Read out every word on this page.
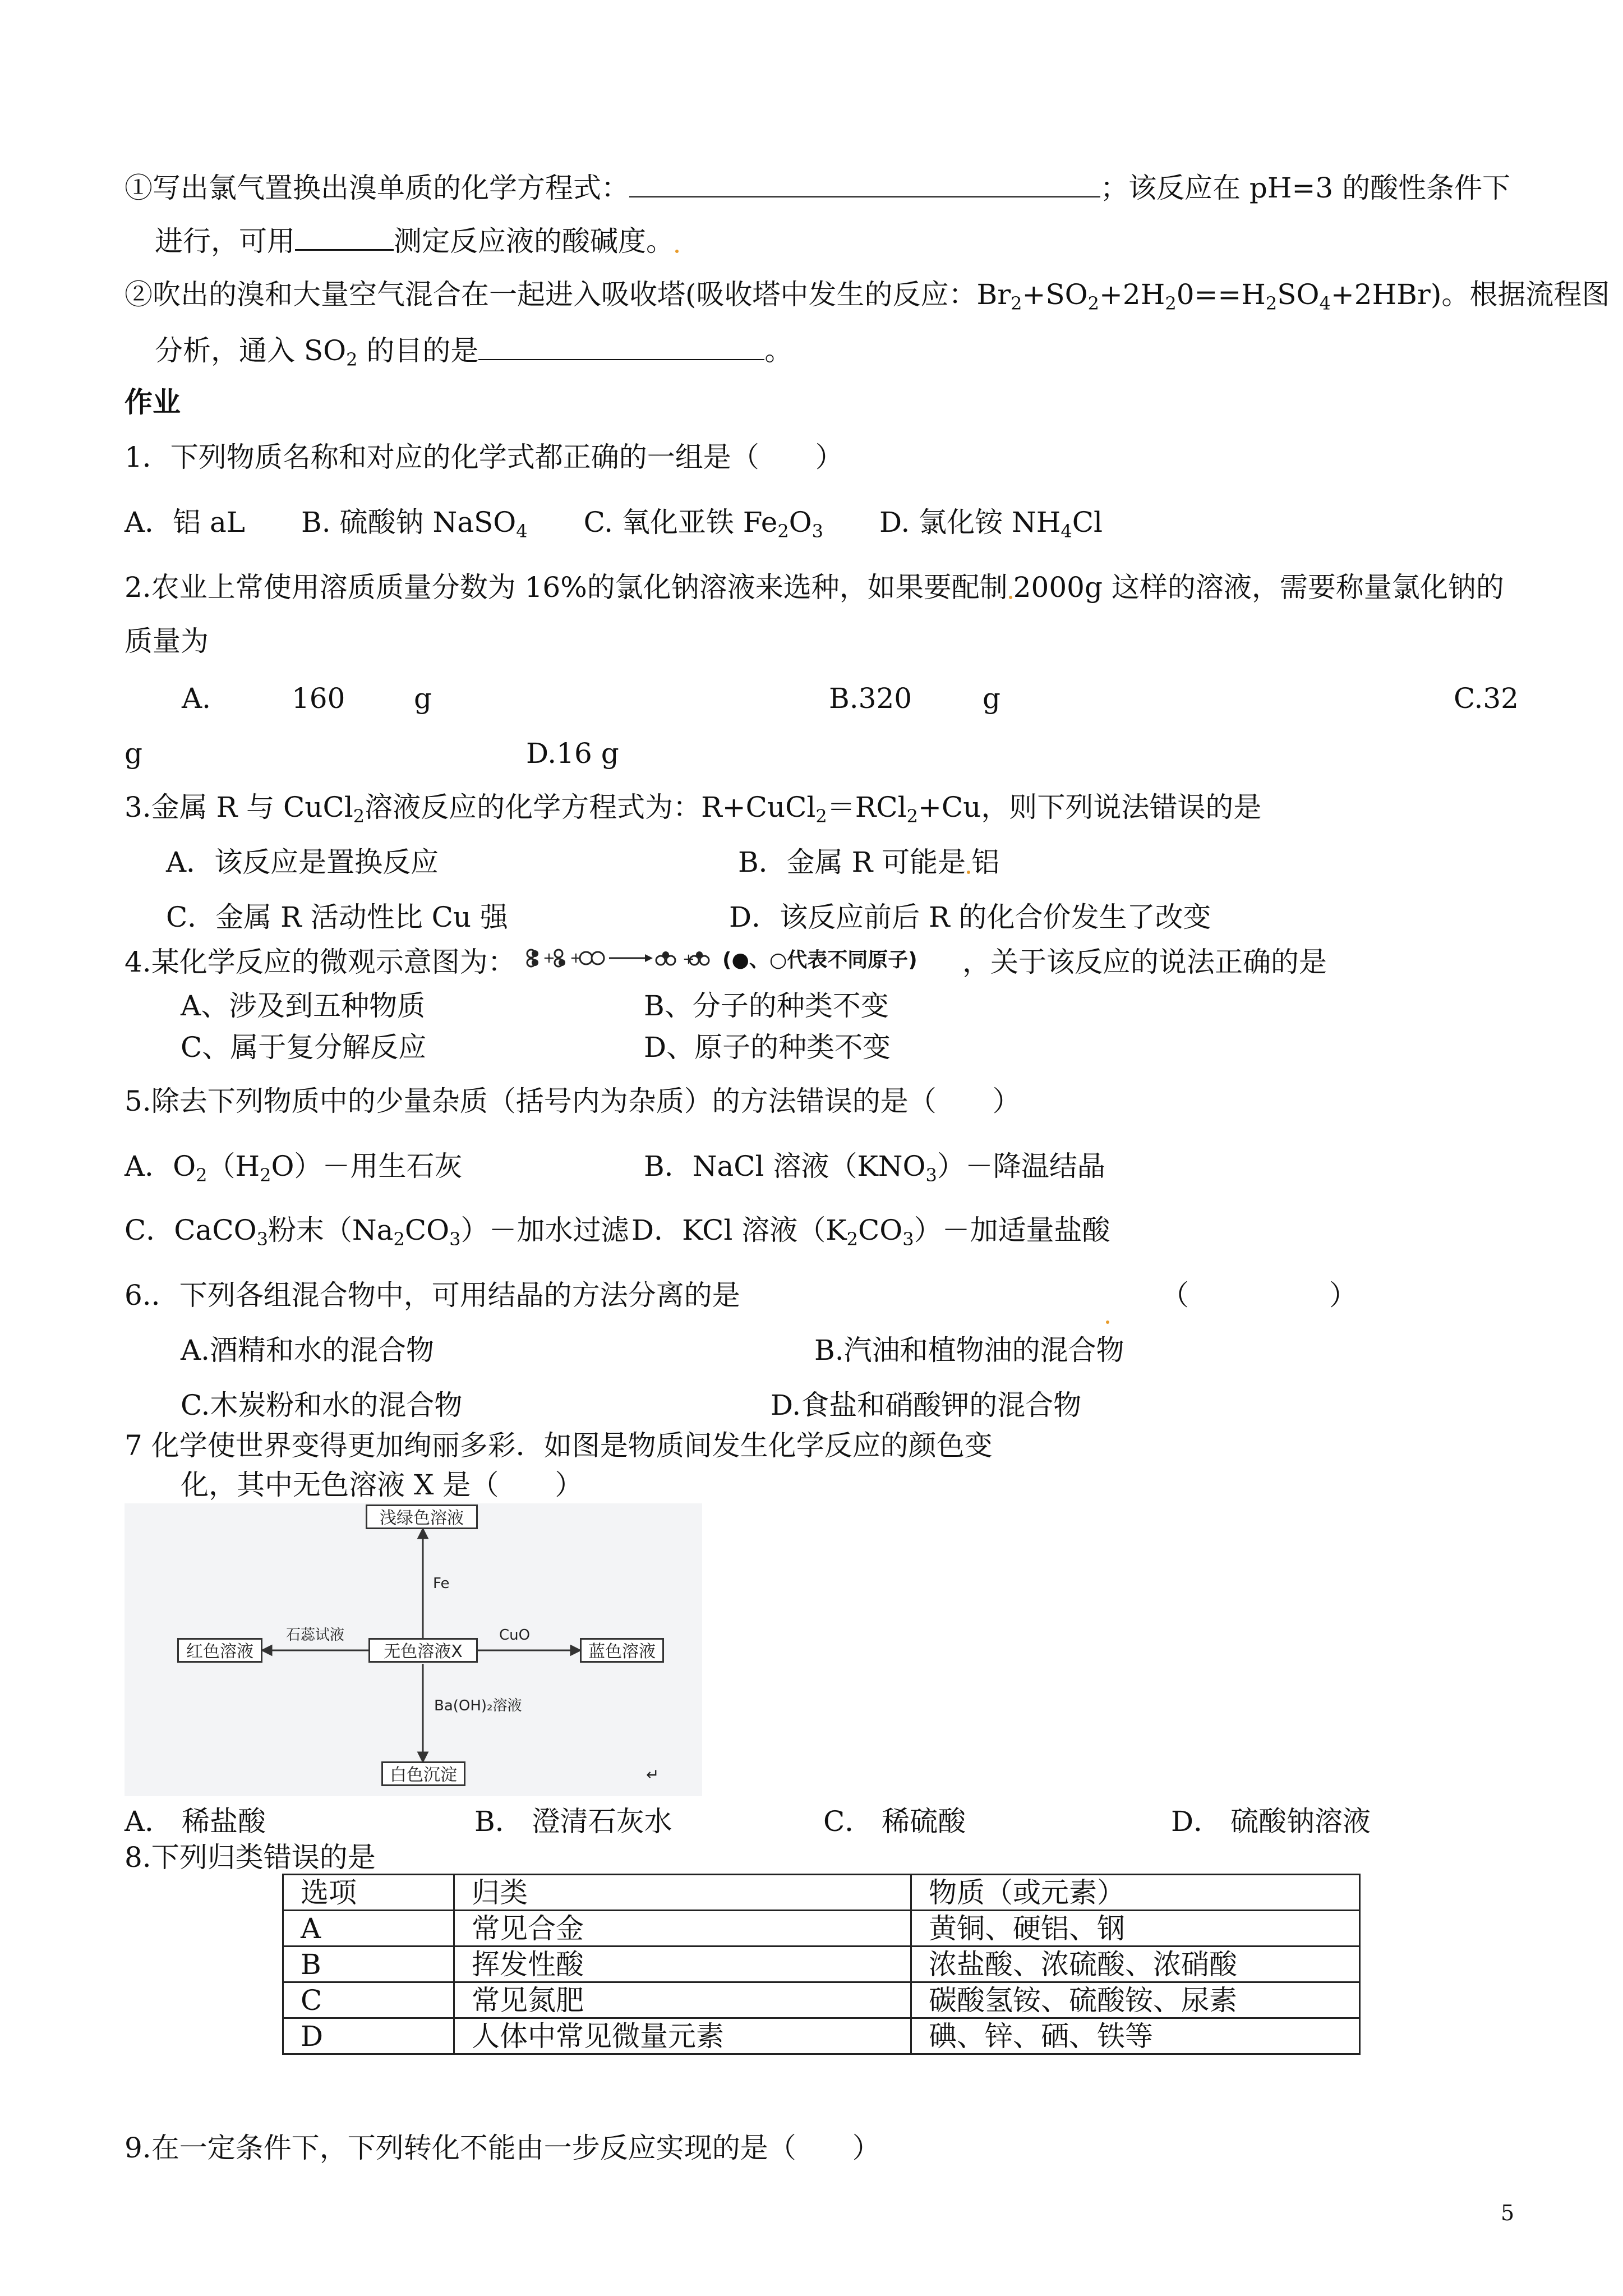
①写出氯气置换出溴单质的化学方程式：	；该反应在 pH=3 的酸性条件下
进行，可用	测定反应液的酸碱度。
②吹出的溴和大量空气混合在一起进入吸收塔(吸收塔中发生的反应：$Br_2+SO_2+2H_20==H_2SO_4+2HBr$)。根据流程图
分析，通入 $SO_2$ 的目的是	。
作业
1．下列物质名称和对应的化学式都正确的一组是（　　）
A．铝 aL　　B. 硫酸钠 NaSO$_4$　　C. 氧化亚铁 $Fe_2O_3$　　D. 氯化铵 $NH_4Cl$
2.农业上常使用溶质质量分数为 16%的氯化钠溶液来选种，如果要配制 2000g 这样的溶液，需要称量氯化钠的
质量为
A.	160 g	B.320	g	C.32
g	D.16 g
3.金属 R 与 CuCl$_2$溶液反应的化学方程式为：R+CuCl$_2$＝RCl$_2$+Cu，则下列说法错误的是
A．该反应是置换反应	B．金属 R 可能是 铝
C．金属 R 活动性比 Cu 强	D．该反应前后 R 的化合价发生了改变
4.某化学反应的微观示意图为： + +	+ (●、○代表不同原子) ，关于该反应的说法正确的是
A、涉及到五种物质	B、分子的种类不变
C、属于复分解反应	D、原子的种类不变
5.除去下列物质中的少量杂质（括号内为杂质）的方法错误的是（　　）
A．$O_2(H_2O)-$用生石灰	B．NaCl 溶液$(KNO_3)-$降温结晶
C．CaCO$_3$粉末$(Na_2CO_3)-$加水过滤 D．KCl 溶液$(K_2CO_3)-$加适量盐酸
6.．下列各组混合物中，可用结晶的方法分离的是	（　　　　　）
A.酒精和水的混合物	B.汽油和植物油的混合物
C.木炭粉和水的混合物	D.食盐和硝酸钾的混合物
7 化学使世界变得更加绚丽多彩．如图是物质间发生化学反应的颜色变
化，其中无色溶液 X 是（　　）
浅绿色溶液
无色溶液X
红色溶液	蓝色溶液
白色沉淀
Fe
石蕊试液	CuO
Ba(OH)₂溶液
↵
A． 稀盐酸	B． 澄清石灰水	C． 稀硫酸	D． 硫酸钠溶液
8.下列归类错误的是
选项	归类	物质（或元素）
A	常见合金	黄铜、硬铝、钢
B	挥发性酸	浓盐酸、浓硫酸、浓硝酸
C	常见氮肥	碳酸氢铵、硫酸铵、尿素
D	人体中常见微量元素	碘、锌、硒、铁等
9.在一定条件下，下列转化不能由一步反应实现的是（　　）
5
